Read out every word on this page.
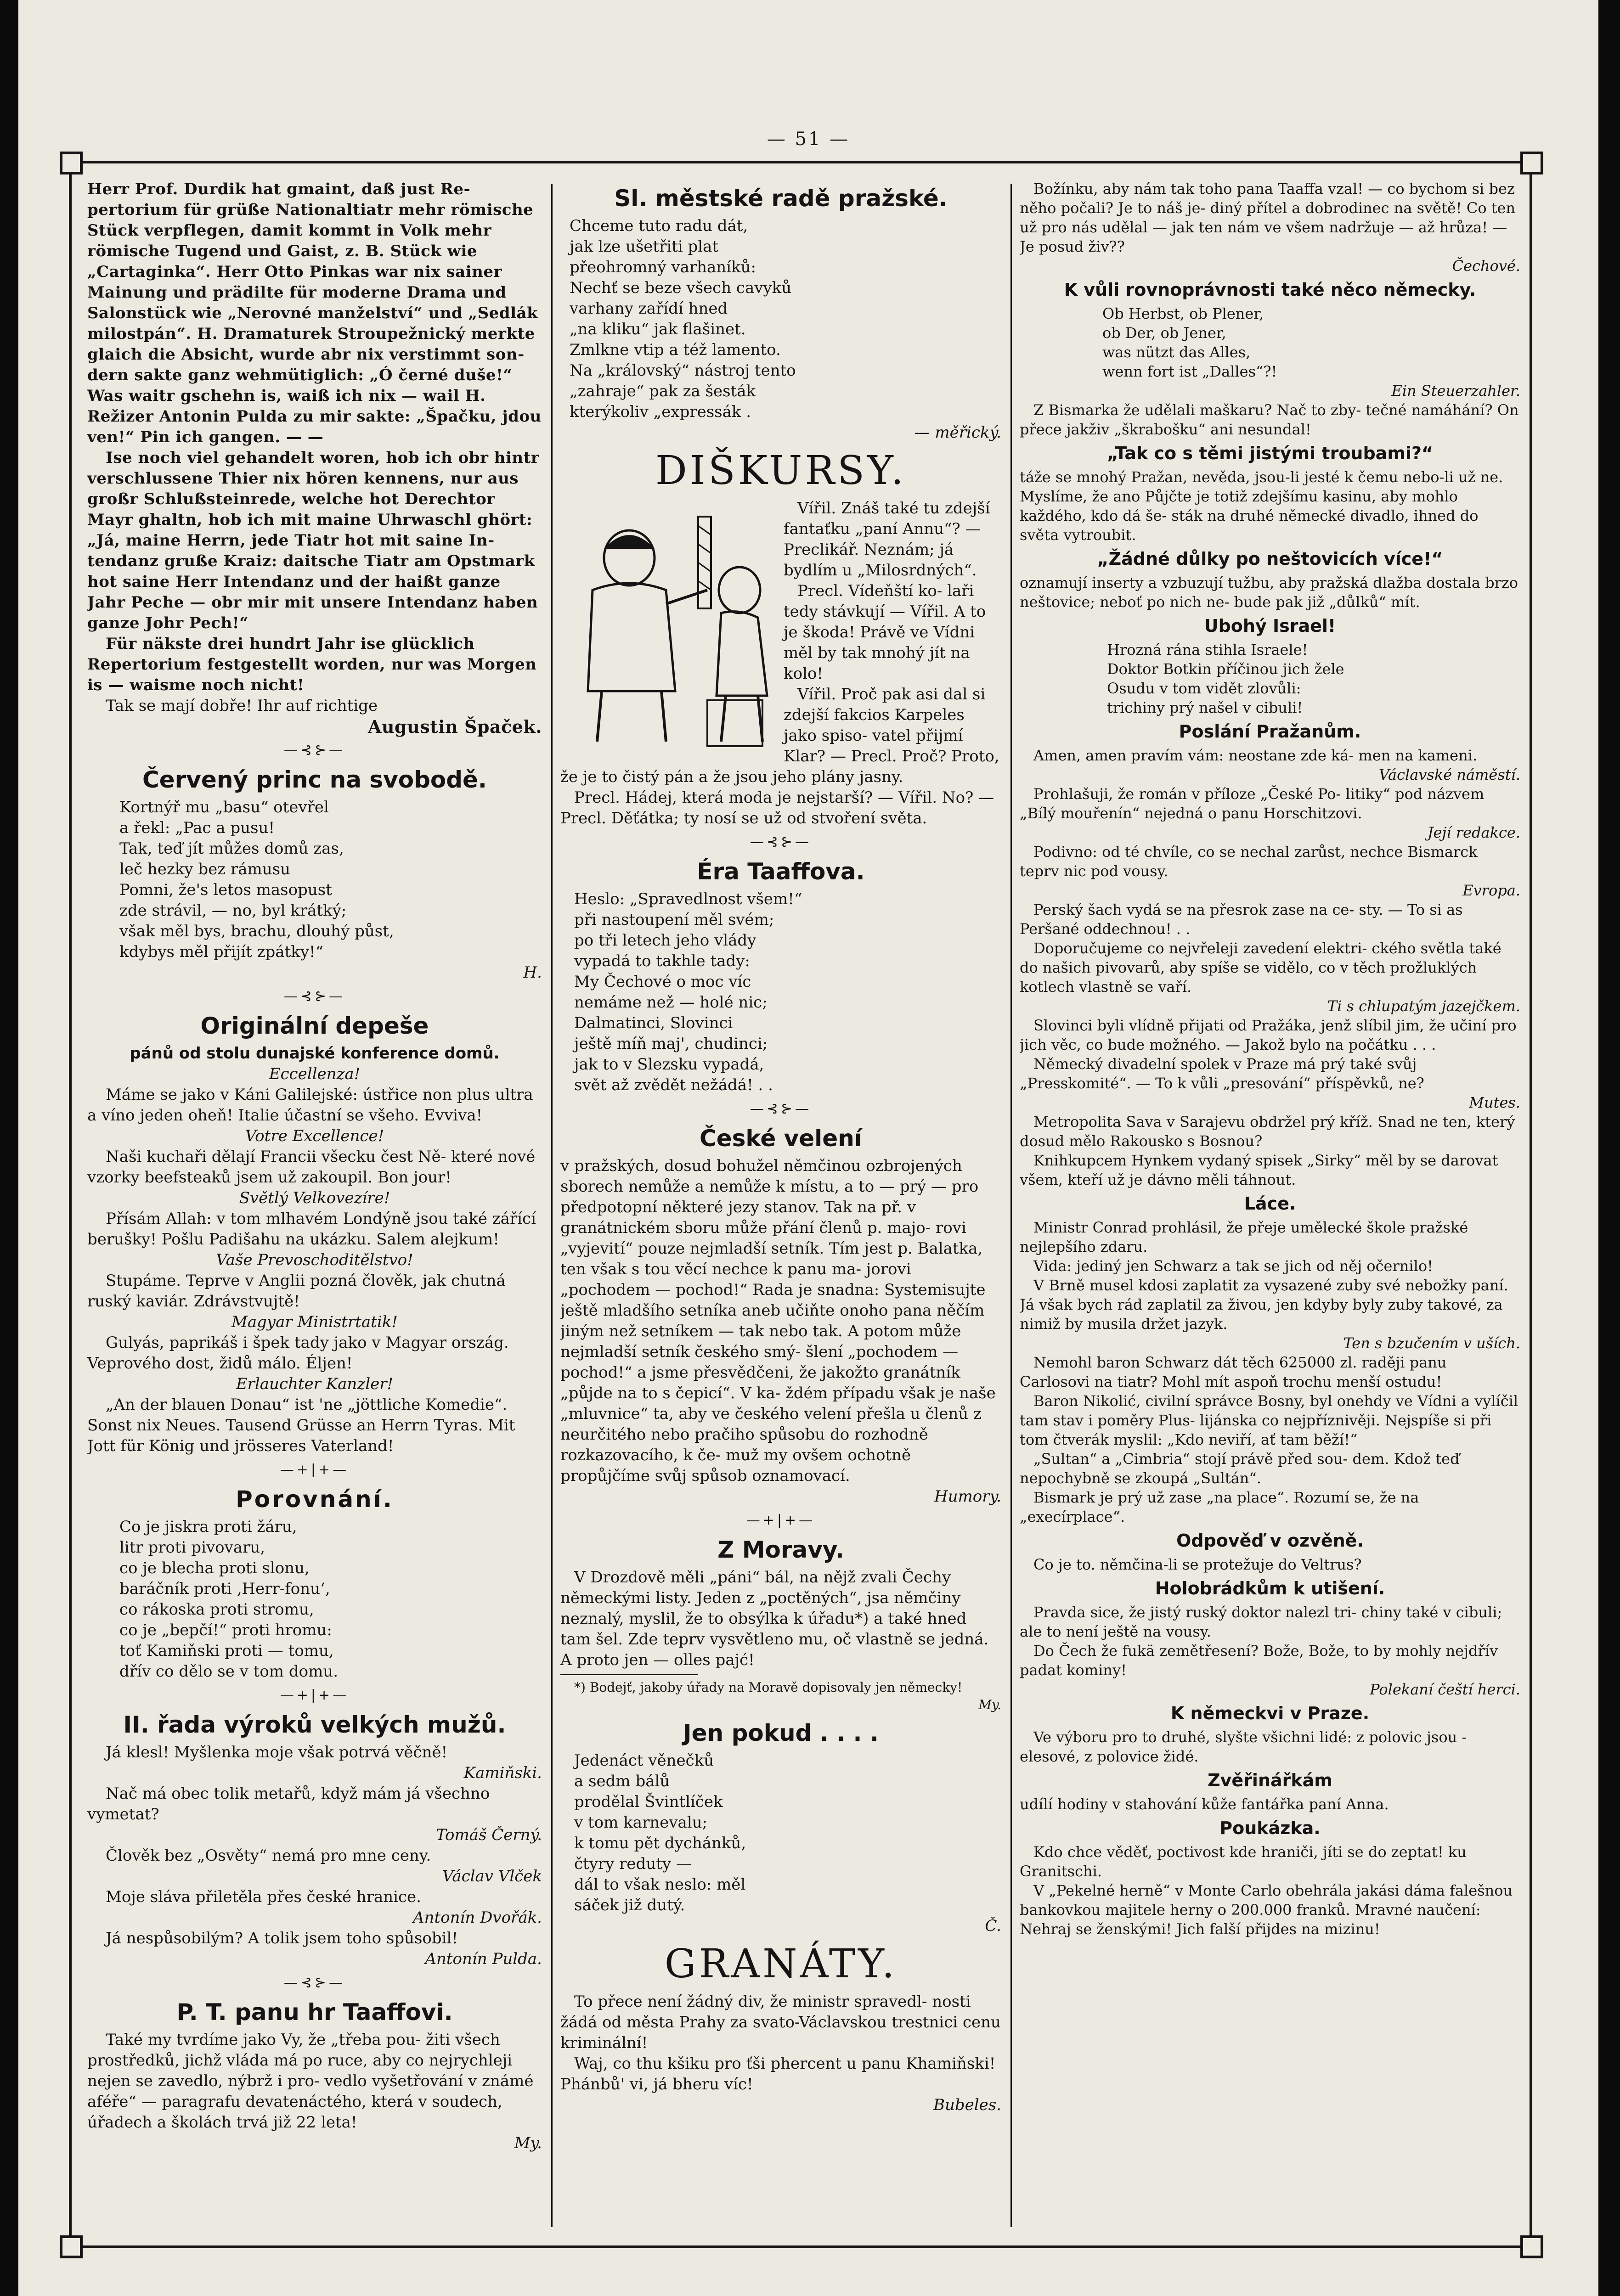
— 51 —

Herr Prof. Durdik hat gmaint, daß just Re- pertorium für grüße Nationaltiatr mehr römische Stück verpflegen, damit kommt in Volk mehr römische Tugend und Gaist, z. B. Stück wie „Cartaginka“. Herr Otto Pinkas war nix sainer Mainung und prädilte für moderne Drama und Salonstück wie „Nerovné manželství“ und „Sedlák milostpán“. H. Dramaturek Stroupežnický merkte glaich die Absicht, wurde abr nix verstimmt son- dern sakte ganz wehmütiglich: „Ó černé duše!“ Was waitr gschehn is, waiß ich nix — wail H. Režizer Antonin Pulda zu mir sakte: „Špačku, jdou ven!“ Pin ich gangen. — —

Ise noch viel gehandelt woren, hob ich obr hintr verschlussene Thier nix hören kennens, nur aus großr Schlußsteinrede, welche hot Derechtor Mayr ghaltn, hob ich mit maine Uhrwaschl ghört: „Já, maine Herrn, jede Tiatr hot mit saine In- tendanz grußе Kraiz: daitsche Tiatr am Opstmark hot saine Herr Intendanz und der haißt ganze Jahr Peche — obr mir mit unsere Intendanz haben ganze Johr Pech!“

Für näkste drei hundrt Jahr ise glücklich Repertorium festgestellt worden, nur was Morgen is — waisme noch nicht!

Tak se mají dobře! Ihr auf richtige

Augustin Špaček.

—⊰⊱—
Červený princ na svobodě.

Kortnýř mu „basu“ otevřel

a řekl: „Pac a pusu!

Tak, teď jít můžes domů zas,

leč hezky bez rámusu

Pomni, že's letos masopust

zde strávil, — no, byl krátký;

však měl bys, brachu, dlouhý půst,

kdybys měl přijít zpátky!“

H.

—⊰⊱—
Originální depeše
pánů od stolu dunajské konference domů.

Eccellenza!

Máme se jako v Káni Galilejské: ústřice non plus ultra a víno jeden oheň! Italie účastní se všeho. Evviva!

Votre Excellence!

Naši kuchaři dělají Francii všecku čest Ně- které nové vzorky beefsteaků jsem už zakoupil. Bon jour!

Světlý Velkovezíre!

Přísám Allah: v tom mlhavém Londýně jsou také zářící berušky! Pošlu Padišahu na ukázku. Salem alejkum!

Vaše Prevoschoditělstvo!

Stupáme. Teprve v Anglii pozná člověk, jak chutná ruský kaviár. Zdrávstvujtě!

Magyar Ministrtatik!

Gulyás, paprikáš i špek tady jako v Magyar ország. Veprového dost, židů málo. Éljen!

Erlauchter Kanzler!

„An der blauen Donau“ ist 'ne „jöttliche Komedie“. Sonst nix Neues. Tausend Grüsse an Herrn Tyras. Mit Jott für König und jrösseres Vaterland!

—+|+—
Porovnání.

Co je jiskra proti žáru,

litr proti pivovaru,

co je blecha proti slonu,

baráčník proti ‚Herr-fonu‘,

co rákoska proti stromu,

co je „bepčí!“ proti hromu:

toť Kamiňski proti — tomu,

dřív co dělo se v tom domu.

—+|+—
II. řada výroků velkých mužů.

Já klesl! Myšlenka moje však potrvá věčně!

Kamiňski.

Nač má obec tolik metařů, když mám já všechno vymetat?

Tomáš Černý.

Člověk bez „Osvěty“ nemá pro mne ceny.

Václav Vlček

Moje sláva přiletěla přes české hranice.

Antonín Dvořák.

Já nespůsobilým? A tolik jsem toho spůsobil!

Antonín Pulda.

—⊰⊱—
P. T. panu hr Taaffovi.

Také my tvrdíme jako Vy, že „třeba pou- žiti všech prostředků, jichž vláda má po ruce, aby co nejrychleji nejen se zavedlo, nýbrž i pro- vedlo vyšetřování v známé aféře“ — paragrafu devatenáctého, která v soudech, úřadech a školách trvá již 22 leta!

My.

Sl. městské radě pražské.

Chceme tuto radu dát,

jak lze ušetřiti plat

přeohromný varhaníků:

Nechť se beze všech cavyků

varhany zařídí hned

„na kliku“ jak flašinet.

Zmlkne vtip a též lamento.

Na „královský“ nástroj tento

„zahraje“ pak za šesták

kterýkoliv „expressák .

— měřický.

DIŠKURSY.

Vířil. Znáš také tu zdejší fantaťku „paní Annu“? — Preclikář. Neznám; já bydlím u „Milosrdných“.

Precl. Vídeňští ko- laři tedy stávkují — Vířil. A to je škoda! Právě ve Vídni měl by tak mnohý jít na kolo!

Vířil. Proč pak asi dal si zdejší fakcios Karpeles jako spiso- vatel přijmí Klar? — Precl. Proč? Proto, že je to čistý pán a že jsou jeho plány jasny.

Precl. Hádej, která moda je nejstarší? — Vířil. No? — Precl. Děťátka; ty nosí se už od stvoření světa.

—⊰⊱—
Éra Taaffova.

Heslo: „Spravedlnost všem!“

při nastoupení měl svém;

po tři letech jeho vlády

vypadá to takhle tady:

My Čechové o moc víc

nemáme než — holé nic;

Dalmatinci, Slovinci

ještě míň maj', chudinci;

jak to v Slezsku vypadá,

svět až zvědět nežádá! . .

—⊰⊱—
České velení

v pražských, dosud bohužel němčinou ozbrojených sborech nemůže a nemůže k místu, a to — prý — pro předpotopní některé jezy stanov. Tak na př. v granátnickém sboru může přání členů p. majo- rovi „vyjevití“ pouze nejmladší setník. Tím jest p. Balatka, ten však s tou věcí nechce k panu ma- jorovi „pochodem — pochod!“ Rada je snadna: Systemisujte ještě mladšího setníka aneb učiňte onoho pana něčím jiným než setníkem — tak nebo tak. A potom může nejmladší setník českého smý- šlení „pochodem — pochod!“ a jsme přesvědčeni, že jakožto granátník „půjde na to s čepicí“. V ka- ždém případu však je naše „mluvnice“ ta, aby ve českého velení přešla u členů z neurčitého nebo pračiho spůsobu do rozhodně rozkazovacího, k če- muž my ovšem ochotně propůjčíme svůj spůsob oznamovací.

Humory.

—+|+—
Z Moravy.

V Drozdově měli „páni“ bál, na nějž zvali Čechy německými listy. Jeden z „poctěných“, jsa němčiny neznalý, myslil, že to obsýlka k úřadu*) a také hned tam šel. Zde teprv vysvětleno mu, oč vlastně se jedná. A proto jen — olles pajć!

*) Bodejť, jakoby úřady na Moravě dopisovaly jen německy!

My.

Jen pokud . . . .

Jedenáct věnečků

a sedm bálů

prodělal Švintlíček

v tom karnevalu;

k tomu pět dychánků,

čtyry reduty —

dál to však neslo: měl

sáček již dutý.

Č.

GRANÁTY.

To přece není žádný div, že ministr spravedl- nosti žádá od města Prahy za svato-Václavskou trestnici cenu kriminální!

Waj, co thu kšiku pro ťši phercent u panu Khamiňski! Phánbů' vi, já bheru víc!

Bubeles.

Božínku, aby nám tak toho pana Taaffa vzal! — co bychom si bez něho počali? Je to náš je- diný přítel a dobrodinec na světě! Co ten už pro nás udělal — jak ten nám ve všem nadržuje — až hrůza! — Je posud živ??

Čechové.

K vůli rovnoprávnosti také něco německy.

Ob Herbst, ob Plener,

ob Der, ob Jener,

was nützt das Alles,

wenn fort ist „Dalles“?!

Ein Steuerzahler.

Z Bismarka že udělali maškaru? Nač to zby- tečné namáhání? On přece jakživ „škrabošku“ ani nesundal!

„Tak co s těmi jistými troubami?“

táže se mnohý Pražan, nevěda, jsou-li jesté k čemu nebo-li už ne. Myslíme, že ano Půjčte je totiž zdejšímu kasinu, aby mohlo každého, kdo dá še- sták na druhé německé divadlo, ihned do světa vytroubit.

„Žádné důlky po neštovicích více!“

oznamují inserty a vzbuzují tužbu, aby pražská dlažba dostala brzo neštovice; neboť po nich ne- bude pak již „důlků“ mít.

Ubohý Israel!

Hrozná rána stihla Israele!

Doktor Botkin příčinou jich žele

Osudu v tom vidět zlovůli:

trichiny prý našel v cibuli!

Poslání Pražanům.

Amen, amen pravím vám: neostane zde ká- men na kameni.

Václavské náměstí.

Prohlašuji, že román v příloze „České Po- litiky“ pod názvem „Bílý mouřenín“ nejedná o panu Horschitzovi.

Její redakce.

Podivno: od té chvíle, co se nechal zarůst, nechce Bismarck teprv nic pod vousy.

Evropa.

Perský šach vydá se na přesrok zase na ce- sty. — To si as Peršané oddechnou! . .

Doporučujeme co nejvřeleji zavedení elektri- ckého světla také do našich pivovarů, aby spíše se vidělo, co v těch prožluklých kotlech vlastně se vaří.

Ti s chlupatým jazejčkem.

Slovinci byli vlídně přijati od Pražáka, jenž slíbil jim, že učiní pro jich věc, co bude možného. — Jakož bylo na počátku . . .

Německý divadelní spolek v Praze má prý také svůj „Presskomité“. — To k vůli „presování“ příspěvků, ne?

Mutes.

Metropolita Sava v Sarajevu obdržel prý kříž. Snad ne ten, který dosud mělo Rakousko s Bosnou?

Knihkupcem Hynkem vydaný spisek „Sirky“ měl by se darovat všem, kteří už je dávno měli táhnout.

Láce.

Ministr Conrad prohlásil, že přeje umělecké škole pražské nejlepšího zdaru.

Vida: jediný jen Schwarz a tak se jich od něj očernilo!

V Brně musel kdosi zaplatit za vysazené zuby své nebožky paní. Já však bych rád zaplatil za živou, jen kdyby byly zuby takové, za nimiž by musila držet jazyk.

Ten s bzučením v uších.

Nemohl baron Schwarz dát těch 625000 zl. raději panu Carlosovi na tiatr? Mohl mít aspoň trochu menší ostudu!

Baron Nikolić, civilní správce Bosny, byl onehdy ve Vídni a vylíčil tam stav i poměry Plus- lijánska co nejpříznivěji. Nejspíše si při tom čtverák myslil: „Kdo neviří, ať tam běží!“

„Sultan“ a „Cimbria“ stojí právě před sou- dem. Kdož teď nepochybně se zkoupá „Sultán“.

Bismark je prý už zase „na place“. Rozumí se, že na „execírplace“.

Odpověď v ozvěně.

Co je to. němčina-li se protežuje do Veltrus?

Holobrádkům k utišení.

Pravda sice, že jistý ruský doktor nalezl tri- chiny také v cibuli; ale to není ještě na vousy.

Do Čech že fukä zemětřesení? Bože, Bože, to by mohly nejdřív padat kominy!

Polekaní čeští herci.

K německvi v Praze.

Ve výboru pro to druhé, slyšte všichni lidé: z polovic jsou -elesové, z polovice židé.

Zvěřinářkám

udílí hodiny v stahování kůže fantářka paní Anna.

Poukázka.

Kdo chce věděť, poctivost kde hraniči, jíti se do zeptat! ku Granitschi.

V „Pekelné herně“ v Monte Carlo obehrála jakási dáma falešnou bankovkou majitele herny o 200.000 franků. Mravné naučení: Nehraj se ženskými! Jich falší přijdes na mizinu!
